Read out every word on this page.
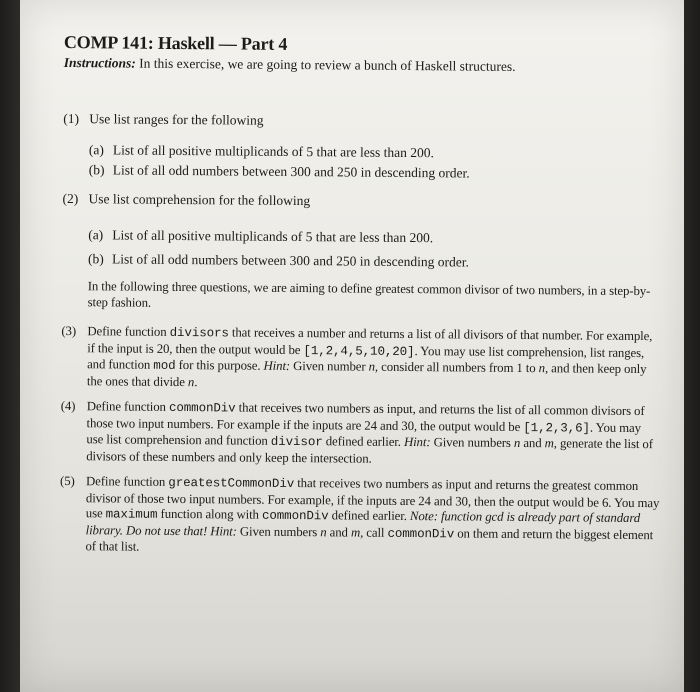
COMP 141: Haskell — Part 4
Instructions: In this exercise, we are going to review a bunch of Haskell structures.
(1) Use list ranges for the following
(a) List of all positive multiplicands of 5 that are less than 200.
(b) List of all odd numbers between 300 and 250 in descending order.
(2) Use list comprehension for the following
(a) List of all positive multiplicands of 5 that are less than 200.
(b) List of all odd numbers between 300 and 250 in descending order.
In the following three questions, we are aiming to define greatest common divisor of two numbers, in a step-by-step fashion.
(3) Define function divisors that receives a number and returns a list of all divisors of that number. For example, if the input is 20, then the output would be [1,2,4,5,10,20]. You may use list comprehension, list ranges, and function mod for this purpose. Hint: Given number n, consider all numbers from 1 to n, and then keep only the ones that divide n.
(4) Define function commonDiv that receives two numbers as input, and returns the list of all common divisors of those two input numbers. For example if the inputs are 24 and 30, the output would be [1,2,3,6]. You may use list comprehension and function divisor defined earlier. Hint: Given numbers n and m, generate the list of divisors of these numbers and only keep the intersection.
(5) Define function greatestCommonDiv that receives two numbers as input and returns the greatest common divisor of those two input numbers. For example, if the inputs are 24 and 30, then the output would be 6. You may use maximum function along with commonDiv defined earlier. Note: function gcd is already part of standard library. Do not use that! Hint: Given numbers n and m, call commonDiv on them and return the biggest element of that list.
